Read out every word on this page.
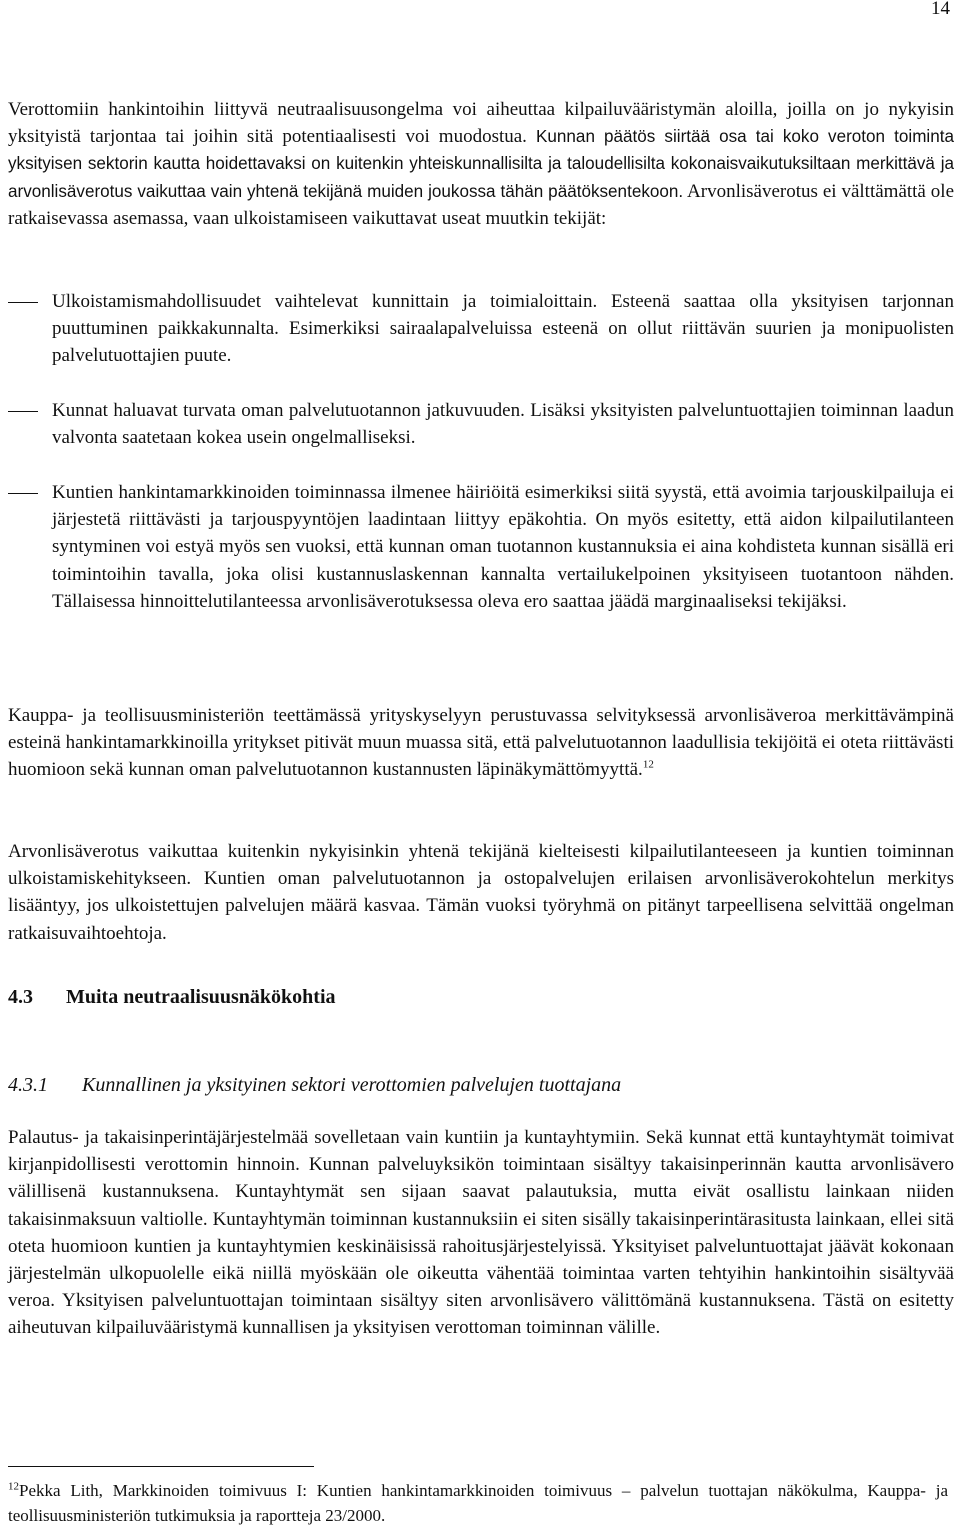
14
Verottomiin hankintoihin liittyvä neutraalisuusongelma voi aiheuttaa kilpailuvääristymän aloilla, joilla on jo nykyisin yksityistä tarjontaa tai joihin sitä potentiaalisesti voi muodostua. Kunnan päätös siirtää osa tai koko veroton toiminta yksityisen sektorin kautta hoidettavaksi on kuitenkin yhteiskunnallisilta ja taloudellisilta kokonaisvaikutuksiltaan merkittävä ja arvonlisäverotus vaikuttaa vain yhtenä tekijänä muiden joukossa tähän päätöksentekoon. Arvonlisäverotus ei välttämättä ole ratkaisevassa asemassa, vaan ulkoistamiseen vaikuttavat useat muutkin tekijät:
Ulkoistamismahdollisuudet vaihtelevat kunnittain ja toimialoittain. Esteenä saattaa olla yksityisen tarjonnan puuttuminen paikkakunnalta. Esimerkiksi sairaalapalveluissa esteenä on ollut riittävän suurien ja monipuolisten palvelutuottajien puute.
Kunnat haluavat turvata oman palvelutuotannon jatkuvuuden. Lisäksi yksityisten palveluntuottajien toiminnan laadun valvonta saatetaan kokea usein ongelmalliseksi.
Kuntien hankintamarkkinoiden toiminnassa ilmenee häiriöitä esimerkiksi siitä syystä, että avoimia tarjouskilpailuja ei järjestetä riittävästi ja tarjouspyyntöjen laadintaan liittyy epäkohtia. On myös esitetty, että aidon kilpailutilanteen syntyminen voi estyä myös sen vuoksi, että kunnan oman tuotannon kustannuksia ei aina kohdisteta kunnan sisällä eri toimintoihin tavalla, joka olisi kustannuslaskennan kannalta vertailukelpoinen yksityiseen tuotantoon nähden. Tällaisessa hinnoittelutilanteessa arvonlisäverotuksessa oleva ero saattaa jäädä marginaaliseksi tekijäksi.
Kauppa- ja teollisuusministeriön teettämässä yrityskyselyyn perustuvassa selvityksessä arvonlisäveroa merkittävämpinä esteinä hankintamarkkinoilla yritykset pitivät muun muassa sitä, että palvelutuotannon laadullisia tekijöitä ei oteta riittävästi huomioon sekä kunnan oman palvelutuotannon kustannusten läpinäkymättömyyttä.$^{12}$
Arvonlisäverotus vaikuttaa kuitenkin nykyisinkin yhtenä tekijänä kielteisesti kilpailutilanteeseen ja kuntien toiminnan ulkoistamiskehitykseen. Kuntien oman palvelutuotannon ja ostopalvelujen erilaisen arvonlisäverokohtelun merkitys lisääntyy, jos ulkoistettujen palvelujen määrä kasvaa. Tämän vuoksi työryhmä on pitänyt tarpeellisena selvittää ongelman ratkaisuvaihtoehtoja.
4.3 Muita neutraalisuusnäkökohtia
4.3.1 Kunnallinen ja yksityinen sektori verottomien palvelujen tuottajana
Palautus- ja takaisinperintäjärjestelmää sovelletaan vain kuntiin ja kuntayhtymiin. Sekä kunnat että kuntayhtymät toimivat kirjanpidollisesti verottomin hinnoin. Kunnan palveluyksikön toimintaan sisältyy takaisinperinnän kautta arvonlisävero välillisenä kustannuksena. Kuntayhtymät sen sijaan saavat palautuksia, mutta eivät osallistu lainkaan niiden takaisinmaksuun valtiolle. Kuntayhtymän toiminnan kustannuksiin ei siten sisälly takaisinperintärasitusta lainkaan, ellei sitä oteta huomioon kuntien ja kuntayhtymien keskinäisissä rahoitusjärjestelyissä. Yksityiset palveluntuottajat jäävät kokonaan järjestelmän ulkopuolelle eikä niillä myöskään ole oikeutta vähentää toimintaa varten tehtyihin hankintoihin sisältyvää veroa. Yksityisen palveluntuottajan toimintaan sisältyy siten arvonlisävero välittömänä kustannuksena. Tästä on esitetty aiheutuvan kilpailuvääristymä kunnallisen ja yksityisen verottoman toiminnan välille.
$^{12}$Pekka Lith, Markkinoiden toimivuus I: Kuntien hankintamarkkinoiden toimivuus – palvelun tuottajan näkökulma, Kauppa- ja teollisuusministeriön tutkimuksia ja raportteja 23/2000.
